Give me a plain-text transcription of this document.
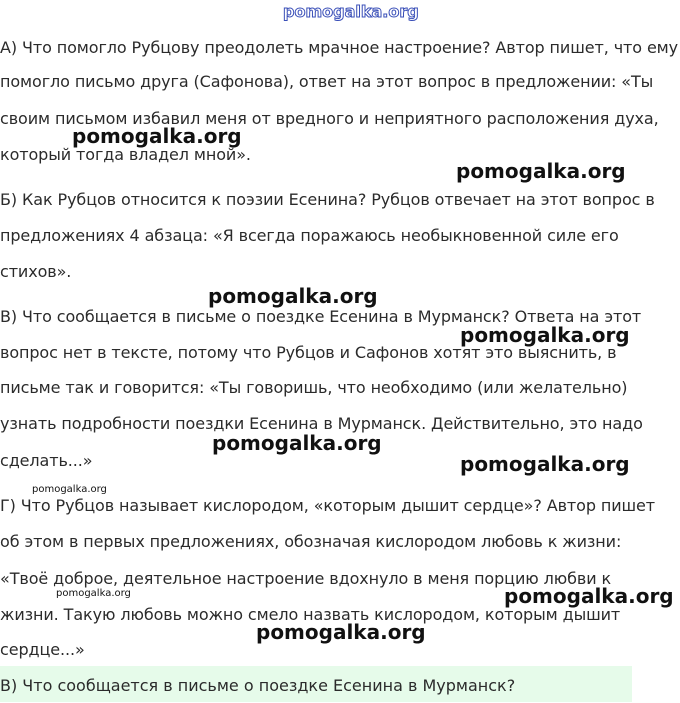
pomogalka.org
А) Что помогло Рубцову преодолеть мрачное настроение? Автор пишет, что ему
помогло письмо друга (Сафонова), ответ на этот вопрос в предложении: «Ты
своим письмом избавил меня от вредного и неприятного расположения духа,
который тогда владел мной».
Б) Как Рубцов относится к поэзии Есенина? Рубцов отвечает на этот вопрос в
предложениях 4 абзаца: «Я всегда поражаюсь необыкновенной силе его
стихов».
В) Что сообщается в письме о поездке Есенина в Мурманск? Ответа на этот
вопрос нет в тексте, потому что Рубцов и Сафонов хотят это выяснить, в
письме так и говорится: «Ты говоришь, что необходимо (или желательно)
узнать подробности поездки Есенина в Мурманск. Действительно, это надо
сделать...»
Г) Что Рубцов называет кислородом, «которым дышит сердце»? Автор пишет
об этом в первых предложениях, обозначая кислородом любовь к жизни:
«Твоё доброе, деятельное настроение вдохнуло в меня порцию любви к
жизни. Такую любовь можно смело назвать кислородом, которым дышит
сердце...»
В) Что сообщается в письме о поездке Есенина в Мурманск?
pomogalka.org
pomogalka.org
pomogalka.org
pomogalka.org
pomogalka.org
pomogalka.org
pomogalka.org
pomogalka.org	pomogalka.org
pomogalka.org
